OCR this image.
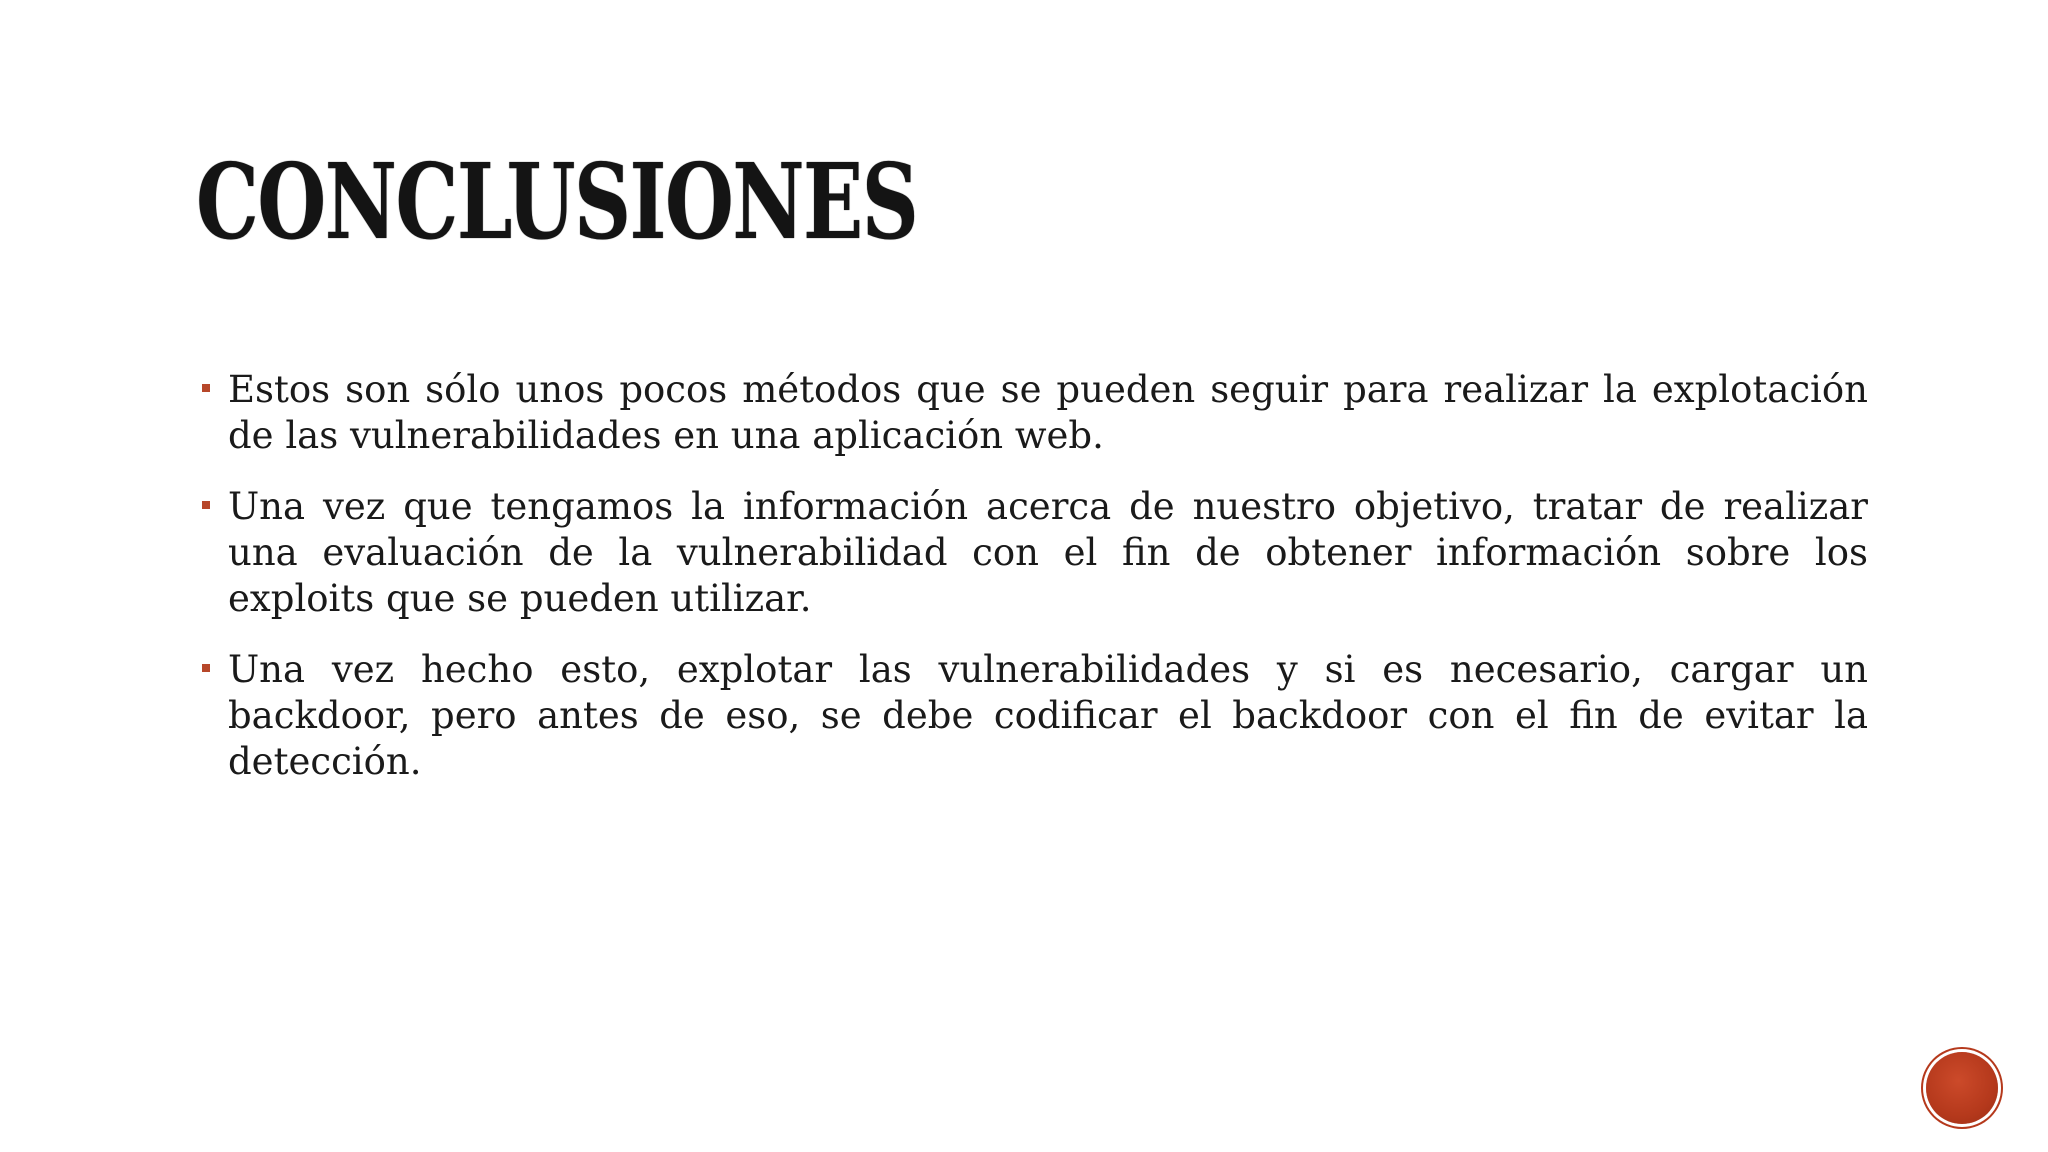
CONCLUSIONES
Estos son sólo unos pocos métodos que se pueden seguir para realizar la explotación de las vulnerabilidades en una aplicación web.
Una vez que tengamos la información acerca de nuestro objetivo, tratar de realizar una evaluación de la vulnerabilidad con el fin de obtener información sobre los exploits que se pueden utilizar.
Una vez hecho esto, explotar las vulnerabilidades y si es necesario, cargar un backdoor, pero antes de eso, se debe codificar el backdoor con el fin de evitar la detección.
